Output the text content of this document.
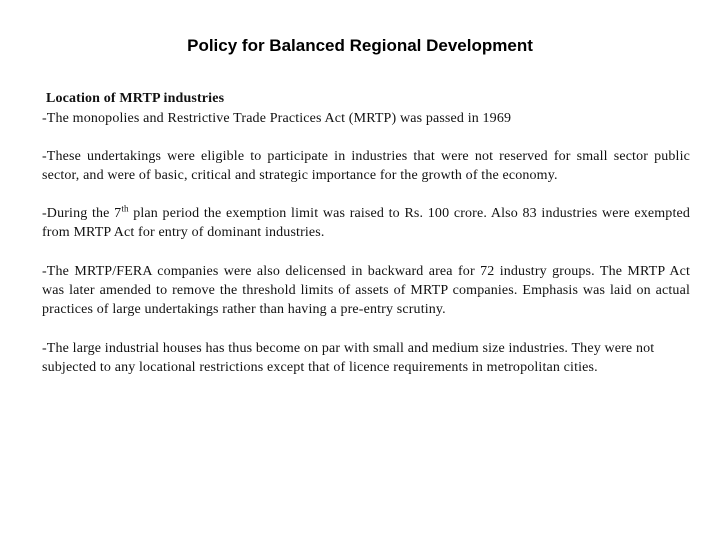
Policy for Balanced Regional Development
Location of MRTP industries
-The monopolies and Restrictive Trade Practices Act (MRTP) was passed in 1969
-These undertakings were eligible to participate in industries that were not reserved for small sector public sector, and were of basic, critical and strategic importance for the growth of the economy.
-During the 7th plan period the exemption limit was raised to Rs. 100 crore. Also 83 industries were exempted from MRTP Act for entry of dominant industries.
-The MRTP/FERA companies were also delicensed in backward area for 72 industry groups. The MRTP Act was later amended to remove the threshold limits of assets of MRTP companies. Emphasis was laid on actual practices of large undertakings rather than having a pre-entry scrutiny.
-The large industrial houses has thus become on par with small and medium size industries. They were not subjected to any locational restrictions except that of licence requirements in metropolitan cities.
